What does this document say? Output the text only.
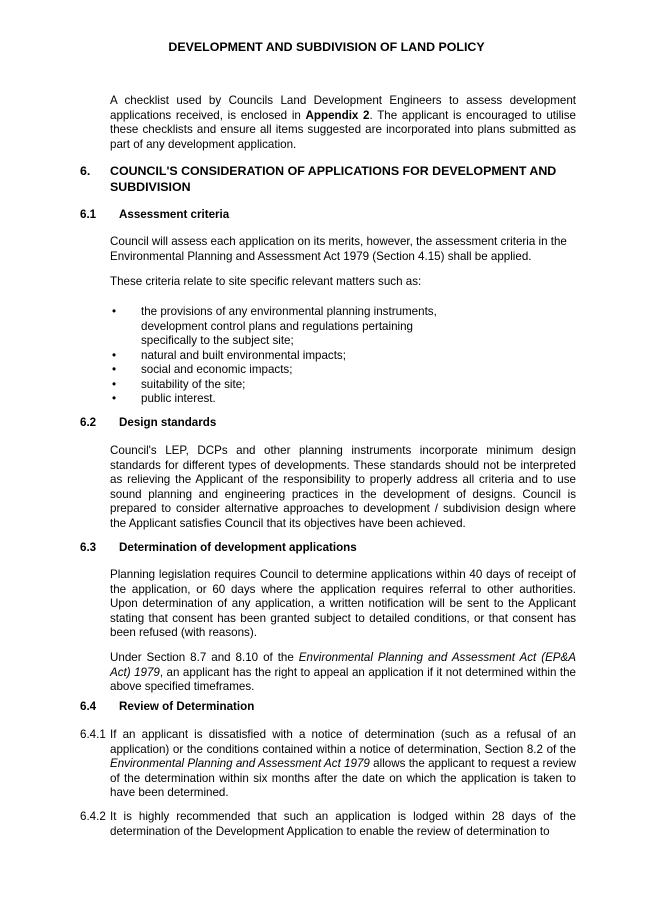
DEVELOPMENT AND SUBDIVISION OF LAND POLICY
A checklist used by Councils Land Development Engineers to assess development applications received, is enclosed in Appendix 2. The applicant is encouraged to utilise these checklists and ensure all items suggested are incorporated into plans submitted as part of any development application.
6. COUNCIL'S CONSIDERATION OF APPLICATIONS FOR DEVELOPMENT AND SUBDIVISION
6.1 Assessment criteria
Council will assess each application on its merits, however, the assessment criteria in the Environmental Planning and Assessment Act 1979 (Section 4.15) shall be applied.
These criteria relate to site specific relevant matters such as:
• the provisions of any environmental planning instruments, development control plans and regulations pertaining specifically to the subject site;
• natural and built environmental impacts;
• social and economic impacts;
• suitability of the site;
• public interest.
6.2 Design standards
Council's LEP, DCPs and other planning instruments incorporate minimum design standards for different types of developments. These standards should not be interpreted as relieving the Applicant of the responsibility to properly address all criteria and to use sound planning and engineering practices in the development of designs. Council is prepared to consider alternative approaches to development / subdivision design where the Applicant satisfies Council that its objectives have been achieved.
6.3 Determination of development applications
Planning legislation requires Council to determine applications within 40 days of receipt of the application, or 60 days where the application requires referral to other authorities. Upon determination of any application, a written notification will be sent to the Applicant stating that consent has been granted subject to detailed conditions, or that consent has been refused (with reasons).
Under Section 8.7 and 8.10 of the Environmental Planning and Assessment Act (EP&A Act) 1979, an applicant has the right to appeal an application if it not determined within the above specified timeframes.
6.4 Review of Determination
6.4.1 If an applicant is dissatisfied with a notice of determination (such as a refusal of an application) or the conditions contained within a notice of determination, Section 8.2 of the Environmental Planning and Assessment Act 1979 allows the applicant to request a review of the determination within six months after the date on which the application is taken to have been determined.
6.4.2 It is highly recommended that such an application is lodged within 28 days of the determination of the Development Application to enable the review of determination to
